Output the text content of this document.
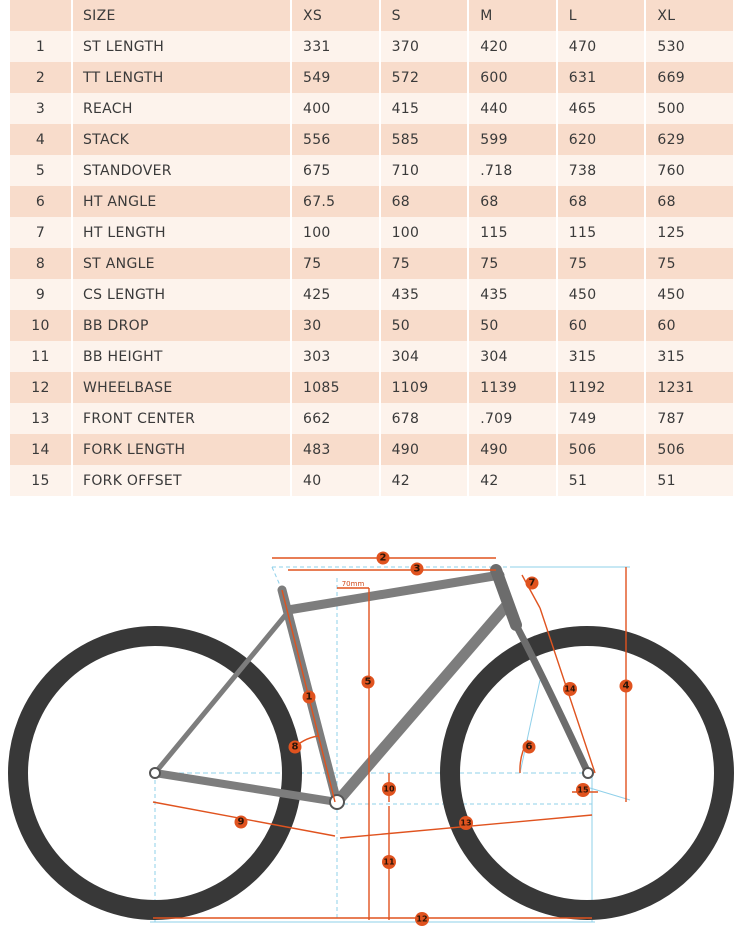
	SIZE	XS	S	M	L	XL
1	ST LENGTH	331	370	420	470	530
2	TT LENGTH	549	572	600	631	669
3	REACH	400	415	440	465	500
4	STACK	556	585	599	620	629
5	STANDOVER	675	710	.718	738	760
6	HT ANGLE	67.5	68	68	68	68
7	HT LENGTH	100	100	115	115	125
8	ST ANGLE	75	75	75	75	75
9	CS LENGTH	425	435	435	450	450
10	BB DROP	30	50	50	60	60
11	BB HEIGHT	303	304	304	315	315
12	WHEELBASE	1085	1109	1139	1192	1231
13	FRONT CENTER	662	678	.709	749	787
14	FORK LENGTH	483	490	490	506	506
15	FORK OFFSET	40	42	42	51	51
70mm
1
2
3
4
5
6
7
8
9
10
11
12
13
14
15
